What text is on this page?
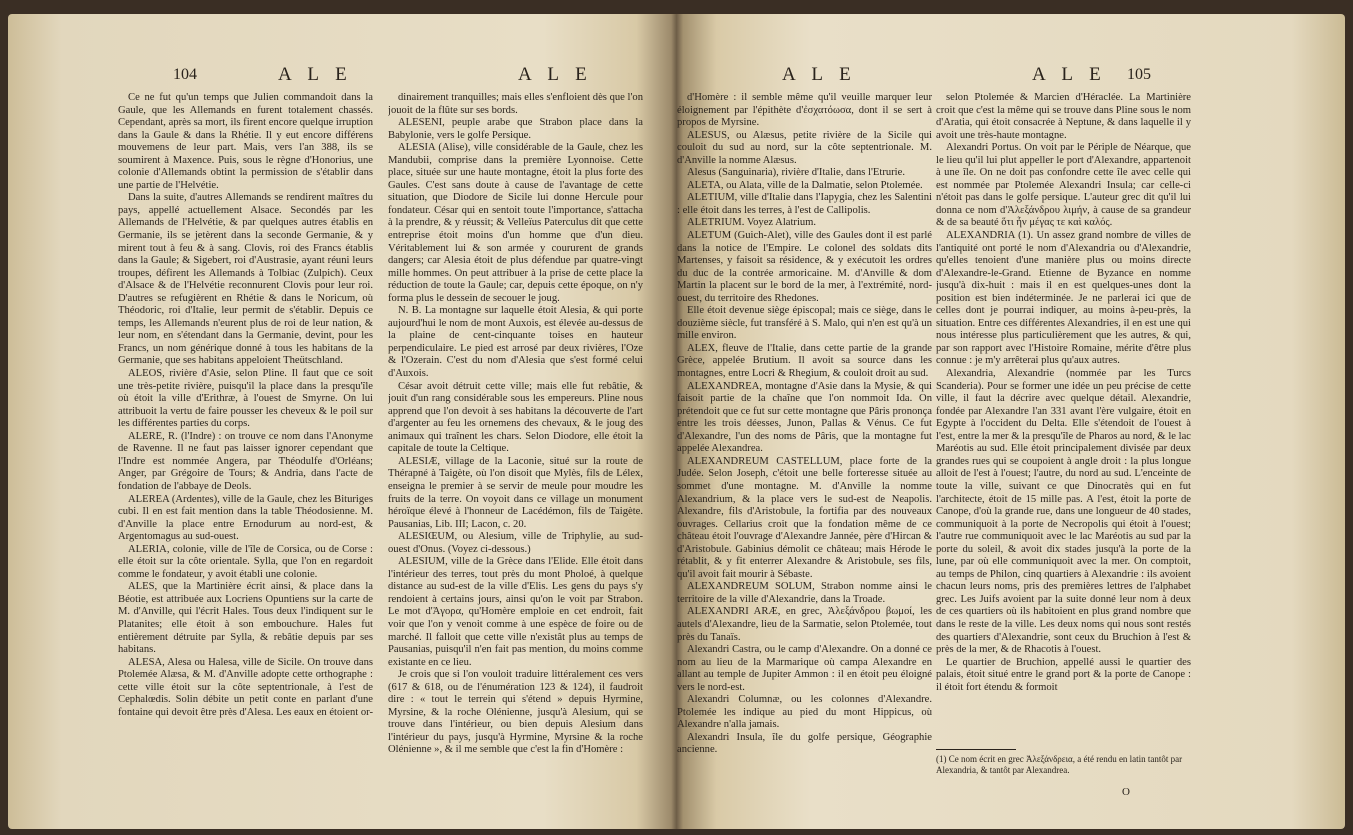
104	A L E	A L E

Ce ne fut qu'un temps que Julien commandoit dans la Gaule, que les Allemands en furent totalement chassés. Cependant, après sa mort, ils firent encore quelque irruption dans la Gaule & dans la Rhétie. Il y eut encore différens mouvemens de leur part. Mais, vers l'an 388, ils se soumirent à Maxence. Puis, sous le règne d'Honorius, une colonie d'Allemands obtint la permission de s'établir dans une partie de l'Helvétie.

Dans la suite, d'autres Allemands se rendirent maîtres du pays, appellé actuellement Alsace. Secondés par les Allemands de l'Helvétie, & par quelques autres établis en Germanie, ils se jetèrent dans la seconde Germanie, & y mirent tout à feu & à sang. Clovis, roi des Francs établis dans la Gaule; & Sigebert, roi d'Austrasie, ayant réuni leurs troupes, défirent les Allemands à Tolbiac (Zulpich). Ceux d'Alsace & de l'Helvétie reconnurent Clovis pour leur roi. D'autres se refugièrent en Rhétie & dans le Noricum, où Théodoric, roi d'Italie, leur permit de s'établir. Depuis ce temps, les Allemands n'eurent plus de roi de leur nation, & leur nom, en s'étendant dans la Germanie, devint, pour les Francs, un nom générique donné à tous les habitans de la Germanie, que ses habitans appeloient Theütschland.

ALEOS, rivière d'Asie, selon Pline. Il faut que ce soit une très-petite rivière, puisqu'il la place dans la presqu'île où étoit la ville d'Erithræ, à l'ouest de Smyrne. On lui attribuoit la vertu de faire pousser les cheveux & le poil sur les différentes parties du corps.

ALERE, R. (l'Indre) : on trouve ce nom dans l'Anonyme de Ravenne. Il ne faut pas laisser ignorer cependant que l'Indre est nommée Angera, par Théodulfe d'Orléans; Anger, par Grégoire de Tours; & Andria, dans l'acte de fondation de l'abbaye de Deols.

ALEREA (Ardentes), ville de la Gaule, chez les Bituriges cubi. Il en est fait mention dans la table Théodosienne. M. d'Anville la place entre Ernodurum au nord-est, & Argentomagus au sud-ouest.

ALERIA, colonie, ville de l'île de Corsica, ou de Corse : elle étoit sur la côte orientale. Sylla, que l'on en regardoit comme le fondateur, y avoit établi une colonie.

ALES, que la Martinière écrit ainsi, & place dans la Béotie, est attribuée aux Locriens Opuntiens sur la carte de M. d'Anville, qui l'écrit Hales. Tous deux l'indiquent sur le Platanites; elle étoit à son embouchure. Hales fut entièrement détruite par Sylla, & rebâtie depuis par ses habitans.

ALESA, Alesa ou Halesa, ville de Sicile. On trouve dans Ptolemée Alæsa, & M. d'Anville adopte cette orthographe : cette ville étoit sur la côte septentrionale, à l'est de Cephalœdis. Solin débite un petit conte en parlant d'une fontaine qui devoit être près d'Alesa. Les eaux en étoient or-

dinairement tranquilles; mais elles s'enfloient dès que l'on jouoit de la flûte sur ses bords.

ALESENI, peuple arabe que Strabon place dans la Babylonie, vers le golfe Persique.

ALESIA (Alise), ville considérable de la Gaule, chez les Mandubii, comprise dans la première Lyonnoise. Cette place, située sur une haute montagne, étoit la plus forte des Gaules. C'est sans doute à cause de l'avantage de cette situation, que Diodore de Sicile lui donne Hercule pour fondateur. César qui en sentoit toute l'importance, s'attacha à la prendre, & y réussit; & Velleïus Paterculus dit que cette entreprise étoit moins d'un homme que d'un dieu. Véritablement lui & son armée y coururent de grands dangers; car Alesia étoit de plus défendue par quatre-vingt mille hommes. On peut attribuer à la prise de cette place la réduction de toute la Gaule; car, depuis cette époque, on n'y forma plus le dessein de secouer le joug.

N. B. La montagne sur laquelle étoit Alesia, & qui porte aujourd'hui le nom de mont Auxois, est élevée au-dessus de la plaine de cent-cinquante toises en hauteur perpendiculaire. Le pied est arrosé par deux rivières, l'Oze & l'Ozerain. C'est du nom d'Alesia que s'est formé celui d'Auxois.

César avoit détruit cette ville; mais elle fut rebâtie, & jouit d'un rang considérable sous les empereurs. Pline nous apprend que l'on devoit à ses habitans la découverte de l'art d'argenter au feu les ornemens des chevaux, & le joug des animaux qui traînent les chars. Selon Diodore, elle étoit la capitale de toute la Celtique.

ALESIÆ, village de la Laconie, situé sur la route de Thérapné à Taigète, où l'on disoit que Mylès, fils de Lélex, enseigna le premier à se servir de meule pour moudre les fruits de la terre. On voyoit dans ce village un monument héroïque élevé à l'honneur de Lacédémon, fils de Taigète. Pausanias, Lib. III; Lacon, c. 20.

ALESIŒUM, ou Alesium, ville de Triphylie, au sud-ouest d'Onus. (Voyez ci-dessous.)

ALESIUM, ville de la Grèce dans l'Elide. Elle étoit dans l'intérieur des terres, tout près du mont Pholoé, à quelque distance au sud-est de la ville d'Elis. Les gens du pays s'y rendoient à certains jours, ainsi qu'on le voit par Strabon. Le mot d'Ἀγορα, qu'Homère emploie en cet endroit, fait voir que l'on y venoit comme à une espèce de foire ou de marché. Il falloit que cette ville n'existât plus au temps de Pausanias, puisqu'il n'en fait pas mention, du moins comme existante en ce lieu.

Je crois que si l'on vouloit traduire littéralement ces vers (617 & 618, ou de l'énumération 123 & 124), il faudroit dire : « tout le terrein qui s'étend » depuis Hyrmine, Myrsine, & la roche Olénienne, jusqu'à Alesium, qui se trouve dans l'intérieur, ou bien depuis Alesium dans l'intérieur du pays, jusqu'à Hyrmine, Myrsine & la roche Olénienne », & il me semble que c'est la fin d'Homère :

A L E	A L E 105

d'Homère : il semble même qu'il veuille marquer leur éloignement par l'épithète d'ἐσχατόωσα, dont il se sert à propos de Myrsine.

ALESUS, ou Alæsus, petite rivière de la Sicile qui couloit du sud au nord, sur la côte septentrionale. M. d'Anville la nomme Alæsus.

Alesus (Sanguinaria), rivière d'Italie, dans l'Etrurie.

ALETA, ou Alata, ville de la Dalmatie, selon Ptolemée.

ALETIUM, ville d'Italie dans l'Iapygia, chez les Salentini : elle étoit dans les terres, à l'est de Callipolis.

ALETRIUM. Voyez Alatrium.

ALETUM (Guich-Alet), ville des Gaules dont il est parlé dans la notice de l'Empire. Le colonel des soldats dits Martenses, y faisoit sa résidence, & y exécutoit les ordres du duc de la contrée armoricaine. M. d'Anville & dom Martin la placent sur le bord de la mer, à l'extrémité, nord-ouest, du territoire des Rhedones.

Elle étoit devenue siège épiscopal; mais ce siège, dans le douzième siècle, fut transféré à S. Malo, qui n'en est qu'à un mille environ.

ALEX, fleuve de l'Italie, dans cette partie de la grande Grèce, appelée Brutium. Il avoit sa source dans les montagnes, entre Locri & Rhegium, & couloit droit au sud.

ALEXANDREA, montagne d'Asie dans la Mysie, & qui faisoit partie de la chaîne que l'on nommoit Ida. On prétendoit que ce fut sur cette montagne que Pâris prononça entre les trois déesses, Junon, Pallas & Vénus. Ce fut d'Alexandre, l'un des noms de Pâris, que la montagne fut appelée Alexandrea.

ALEXANDREUM CASTELLUM, place forte de la Judée. Selon Joseph, c'étoit une belle forteresse située au sommet d'une montagne. M. d'Anville la nomme Alexandrium, & la place vers le sud-est de Neapolis. Alexandre, fils d'Aristobule, la fortifia par des nouveaux ouvrages. Cellarius croit que la fondation même de ce château étoit l'ouvrage d'Alexandre Jannée, père d'Hircan & d'Aristobule. Gabinius démolit ce château; mais Hérode le rétablit, & y fit enterrer Alexandre & Aristobule, ses fils, qu'il avoit fait mourir à Sébaste.

ALEXANDREUM SOLUM, Strabon nomme ainsi le territoire de la ville d'Alexandrie, dans la Troade.

ALEXANDRI ARÆ, en grec, Ἀλεξάνδρου βωμοί, les autels d'Alexandre, lieu de la Sarmatie, selon Ptolemée, tout près du Tanaïs.

Alexandri Castra, ou le camp d'Alexandre. On a donné ce nom au lieu de la Marmarique où campa Alexandre en allant au temple de Jupiter Ammon : il en étoit peu éloigné vers le nord-est.

Alexandri Columnæ, ou les colonnes d'Alexandre. Ptolemée les indique au pied du mont Hippicus, où Alexandre n'alla jamais.

Alexandri Insula, île du golfe persique, Géographie ancienne.

selon Ptolemée & Marcien d'Héraclée. La Martinière croit que c'est la même qui se trouve dans Pline sous le nom d'Aratia, qui étoit consacrée à Neptune, & dans laquelle il y avoit une très-haute montagne.

Alexandri Portus. On voit par le Périple de Néarque, que le lieu qu'il lui plut appeller le port d'Alexandre, appartenoit à une île. On ne doit pas confondre cette île avec celle qui est nommée par Ptolemée Alexandri Insula; car celle-ci n'étoit pas dans le golfe persique. L'auteur grec dit qu'il lui donna ce nom d'Ἀλεξάνδρου λιμήν, à cause de sa grandeur & de sa beauté ὅτι ἦν μέγας τε καὶ καλός.

ALEXANDRIA (1). Un assez grand nombre de villes de l'antiquité ont porté le nom d'Alexandria ou d'Alexandrie, qu'elles tenoient d'une manière plus ou moins directe d'Alexandre-le-Grand. Etienne de Byzance en nomme jusqu'à dix-huit : mais il en est quelques-unes dont la position est bien indéterminée. Je ne parlerai ici que de celles dont je pourrai indiquer, au moins à-peu-près, la situation. Entre ces différentes Alexandries, il en est une qui nous intéresse plus particulièrement que les autres, & qui, par son rapport avec l'Histoire Romaine, mérite d'être plus connue : je m'y arrêterai plus qu'aux autres.

Alexandria, Alexandrie (nommée par les Turcs Scanderia). Pour se former une idée un peu précise de cette ville, il faut la décrire avec quelque détail. Alexandrie, fondée par Alexandre l'an 331 avant l'ère vulgaire, étoit en Egypte à l'occident du Delta. Elle s'étendoit de l'ouest à l'est, entre la mer & la presqu'île de Pharos au nord, & le lac Maréotis au sud. Elle étoit principalement divisée par deux grandes rues qui se coupoient à angle droit : la plus longue alloit de l'est à l'ouest; l'autre, du nord au sud. L'enceinte de toute la ville, suivant ce que Dinocratès qui en fut l'architecte, étoit de 15 mille pas. A l'est, étoit la porte de Canope, d'où la grande rue, dans une longueur de 40 stades, communiquoit à la porte de Necropolis qui étoit à l'ouest; l'autre rue communiquoit avec le lac Maréotis au sud par la porte du soleil, & avoit dix stades jusqu'à la porte de la lune, par où elle communiquoit avec la mer. On comptoit, au temps de Philon, cinq quartiers à Alexandrie : ils avoient chacun leurs noms, pris des premières lettres de l'alphabet grec. Les Juifs avoient par la suite donné leur nom à deux de ces quartiers où ils habitoient en plus grand nombre que dans le reste de la ville. Les deux noms qui nous sont restés des quartiers d'Alexandrie, sont ceux du Bruchion à l'est & près de la mer, & de Rhacotis à l'ouest.

Le quartier de Bruchion, appellé aussi le quartier des palais, étoit situé entre le grand port & la porte de Canope : il étoit fort étendu & formoit

(1) Ce nom écrit en grec Ἀλεξάνδρεια, a été rendu en latin tantôt par Alexandria, & tantôt par Alexandrea.
O
